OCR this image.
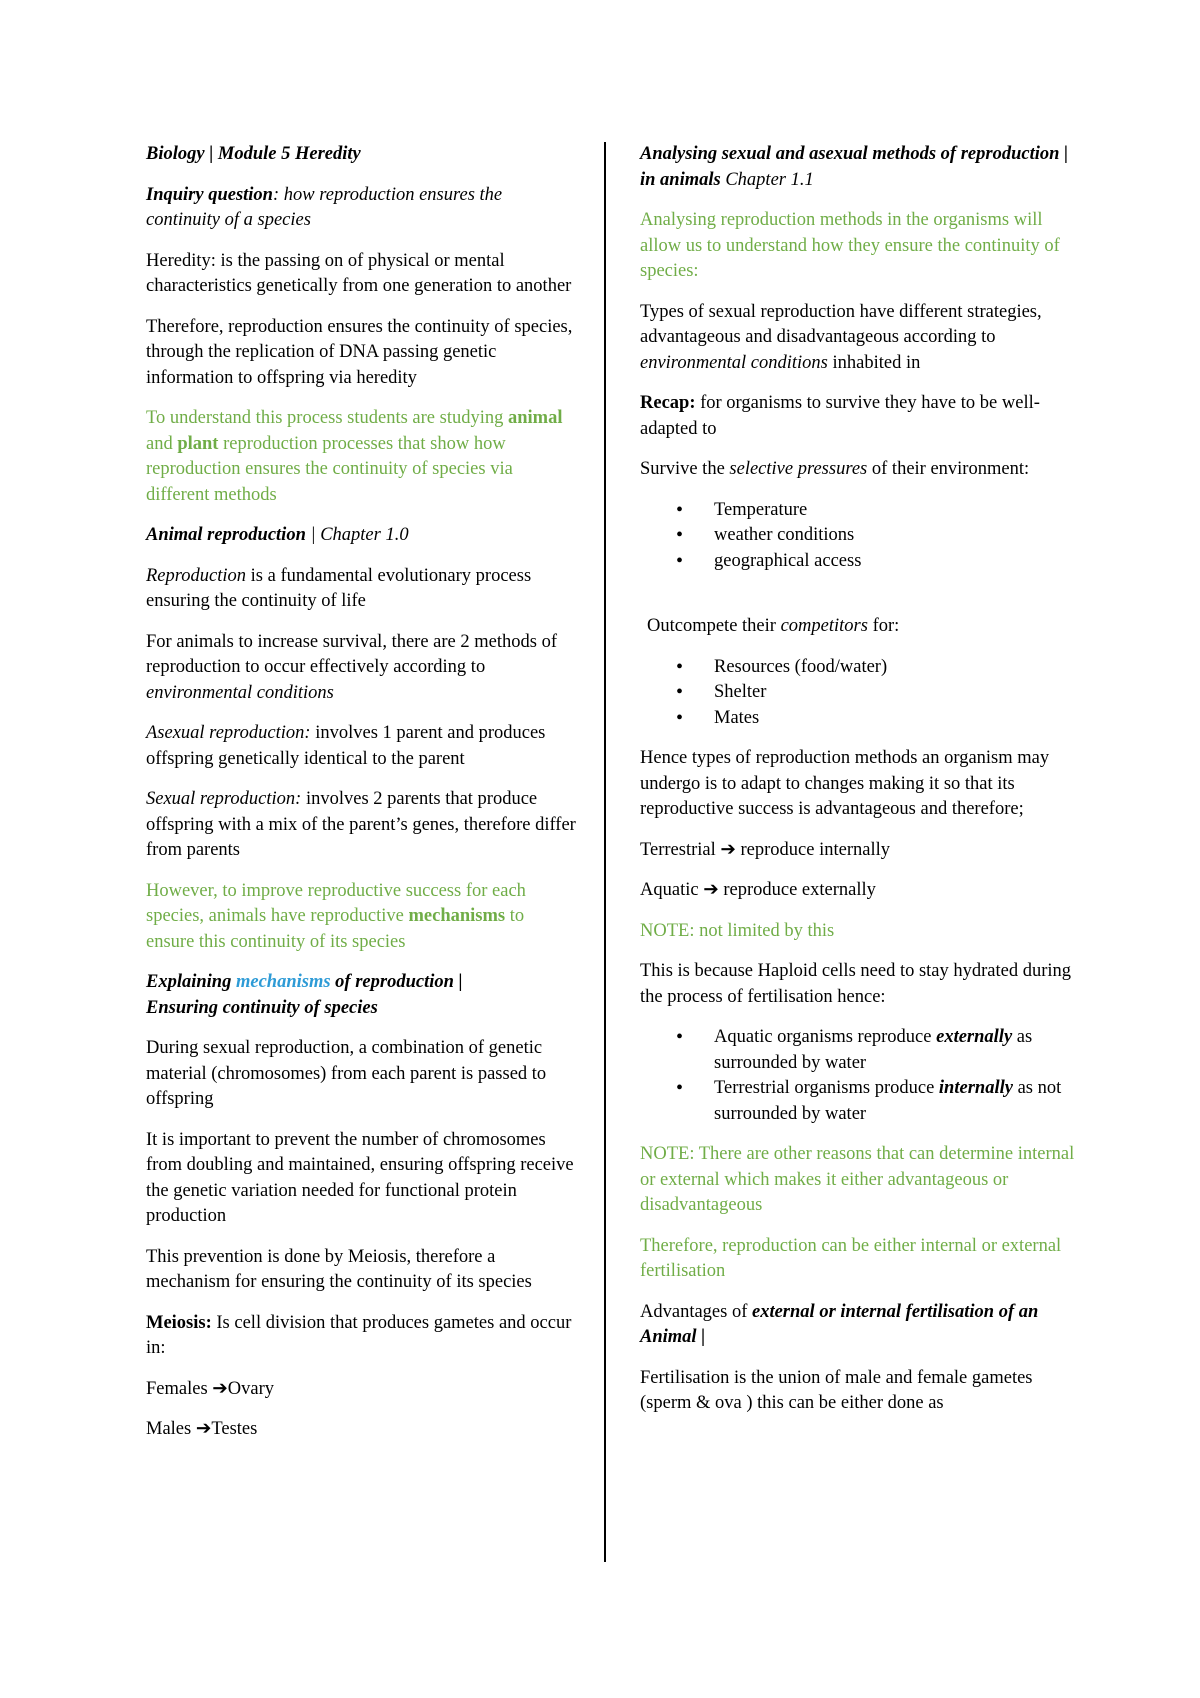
Biology | Module 5 Heredity

Inquiry question: how reproduction ensures the continuity of a species

Heredity: is the passing on of physical or mental characteristics genetically from one generation to another

Therefore, reproduction ensures the continuity of species, through the replication of DNA passing genetic information to offspring via heredity

To understand this process students are studying animal and plant reproduction processes that show how reproduction ensures the continuity of species via different methods

Animal reproduction | Chapter 1.0

Reproduction is a fundamental evolutionary process ensuring the continuity of life

For animals to increase survival, there are 2 methods of reproduction to occur effectively according to environmental conditions

Asexual reproduction: involves 1 parent and produces offspring genetically identical to the parent

Sexual reproduction: involves 2 parents that produce offspring with a mix of the parent’s genes, therefore differ from parents

However, to improve reproductive success for each species, animals have reproductive mechanisms to ensure this continuity of its species

Explaining mechanisms of reproduction |
Ensuring continuity of species

During sexual reproduction, a combination of genetic material (chromosomes) from each parent is passed to offspring

It is important to prevent the number of chromosomes from doubling and maintained, ensuring offspring receive the genetic variation needed for functional protein production

This prevention is done by Meiosis, therefore a mechanism for ensuring the continuity of its species

Meiosis: Is cell division that produces gametes and occur in:

Females ➔Ovary

Males ➔Testes

Analysing sexual and asexual methods of reproduction | in animals Chapter 1.1

Analysing reproduction methods in the organisms will allow us to understand how they ensure the continuity of species:

Types of sexual reproduction have different strategies, advantageous and disadvantageous according to environmental conditions inhabited in

Recap: for organisms to survive they have to be well-adapted to

Survive the selective pressures of their environment:

• Temperature
• weather conditions
• geographical access

Outcompete their competitors for:

• Resources (food/water)
• Shelter
• Mates

Hence types of reproduction methods an organism may undergo is to adapt to changes making it so that its reproductive success is advantageous and therefore;

Terrestrial ➔ reproduce internally

Aquatic ➔ reproduce externally

NOTE: not limited by this

This is because Haploid cells need to stay hydrated during the process of fertilisation hence:

• Aquatic organisms reproduce externally as surrounded by water
• Terrestrial organisms produce internally as not surrounded by water

NOTE: There are other reasons that can determine internal or external which makes it either advantageous or disadvantageous

Therefore, reproduction can be either internal or external fertilisation

Advantages of external or internal fertilisation of an Animal |

Fertilisation is the union of male and female gametes (sperm & ova ) this can be either done as
